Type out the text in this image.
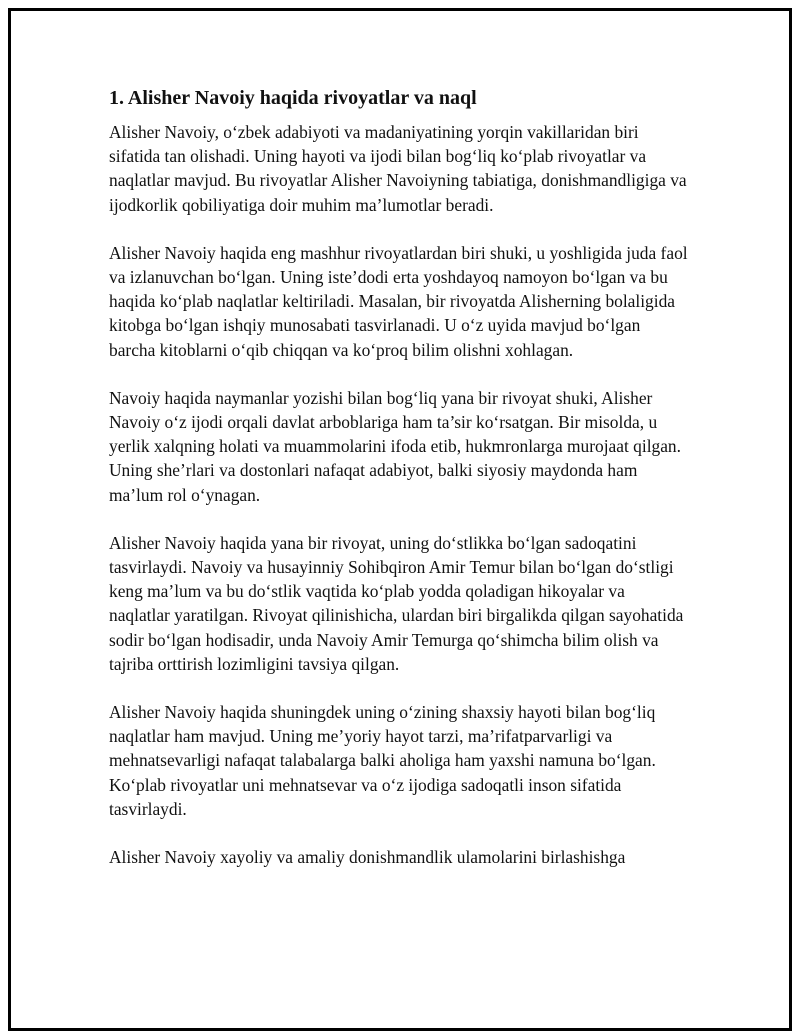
1. Alisher Navoiy haqida rivoyatlar va naql

Alisher Navoiy, o‘zbek adabiyoti va madaniyatining yorqin vakillaridan biri sifatida tan olishadi. Uning hayoti va ijodi bilan bog‘liq ko‘plab rivoyatlar va naqlatlar mavjud. Bu rivoyatlar Alisher Navoiyning tabiatiga, donishmandligiga va ijodkorlik qobiliyatiga doir muhim ma’lumotlar beradi.

Alisher Navoiy haqida eng mashhur rivoyatlardan biri shuki, u yoshligida juda faol va izlanuvchan bo‘lgan. Uning iste’dodi erta yoshdayoq namoyon bo‘lgan va bu haqida ko‘plab naqlatlar keltiriladi. Masalan, bir rivoyatda Alisherning bolaligida kitobga bo‘lgan ishqiy munosabati tasvirlanadi. U o‘z uyida mavjud bo‘lgan barcha kitoblarni o‘qib chiqqan va ko‘proq bilim olishni xohlagan.

Navoiy haqida naymanlar yozishi bilan bog‘liq yana bir rivoyat shuki, Alisher Navoiy o‘z ijodi orqali davlat arboblariga ham ta’sir ko‘rsatgan. Bir misolda, u yerlik xalqning holati va muammolarini ifoda etib, hukmronlarga murojaat qilgan. Uning she’rlari va dostonlari nafaqat adabiyot, balki siyosiy maydonda ham ma’lum rol o‘ynagan.

Alisher Navoiy haqida yana bir rivoyat, uning do‘stlikka bo‘lgan sadoqatini tasvirlaydi. Navoiy va husayinniy Sohibqiron Amir Temur bilan bo‘lgan do‘stligi keng ma’lum va bu do‘stlik vaqtida ko‘plab yodda qoladigan hikoyalar va naqlatlar yaratilgan. Rivoyat qilinishicha, ulardan biri birgalikda qilgan sayohatida sodir bo‘lgan hodisadir, unda Navoiy Amir Temurga qo‘shimcha bilim olish va tajriba orttirish lozimligini tavsiya qilgan.

Alisher Navoiy haqida shuningdek uning o‘zining shaxsiy hayoti bilan bog‘liq naqlatlar ham mavjud. Uning me’yoriy hayot tarzi, ma’rifatparvarligi va mehnatsevarligi nafaqat talabalarga balki aholiga ham yaxshi namuna bo‘lgan. Ko‘plab rivoyatlar uni mehnatsevar va o‘z ijodiga sadoqatli inson sifatida tasvirlaydi.

Alisher Navoiy xayoliy va amaliy donishmandlik ulamolarini birlashishga
